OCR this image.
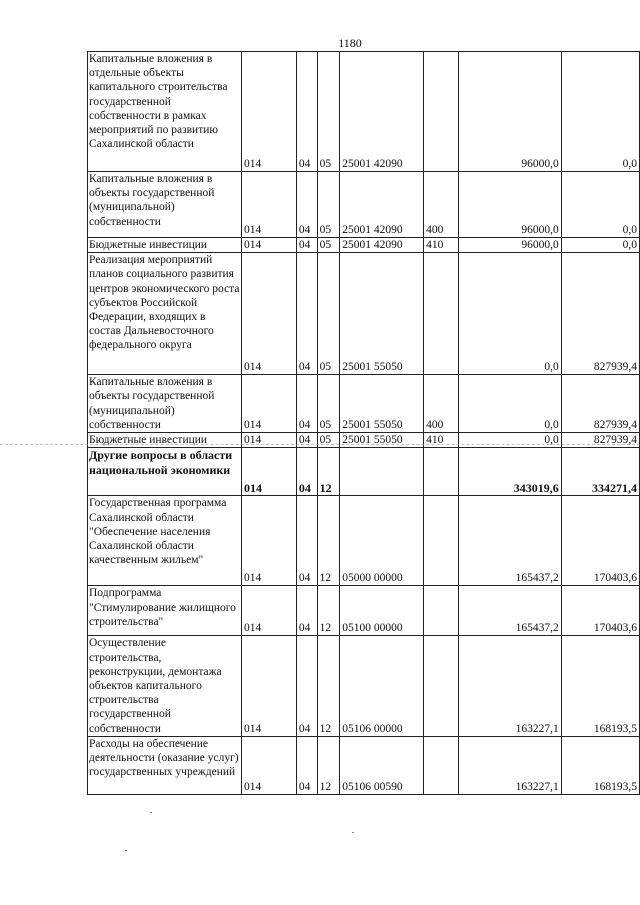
1180
Капитальные вложения в отдельные объекты капитального строительства государственной собственности в рамках мероприятий по развитию Сахалинской области	014	04	05	25001 42090		96000,0	0,0
Капитальные вложения в объекты государственной (муниципальной) собственности	014	04	05	25001 42090	400	96000,0	0,0
Бюджетные инвестиции	014	04	05	25001 42090	410	96000,0	0,0
Реализация мероприятий планов социального развития центров экономического роста субъектов Российской Федерации, входящих в состав Дальневосточного федерального округа	014	04	05	25001 55050		0,0	827939,4
Капитальные вложения в объекты государственной (муниципальной) собственности	014	04	05	25001 55050	400	0,0	827939,4
Бюджетные инвестиции	014	04	05	25001 55050	410	0,0	827939,4
Другие вопросы в области национальной экономики	014	04	12			343019,6	334271,4
Государственная программа Сахалинской области "Обеспечение населения Сахалинской области качественным жильем"	014	04	12	05000 00000		165437,2	170403,6
Подпрограмма "Стимулирование жилищного строительства"	014	04	12	05100 00000		165437,2	170403,6
Осуществление строительства, реконструкции, демонтажа объектов капитального строительства государственной собственности	014	04	12	05106 00000		163227,1	168193,5
Расходы на обеспечение деятельности (оказание услуг) государственных учреждений	014	04	12	05106 00590		163227,1	168193,5
